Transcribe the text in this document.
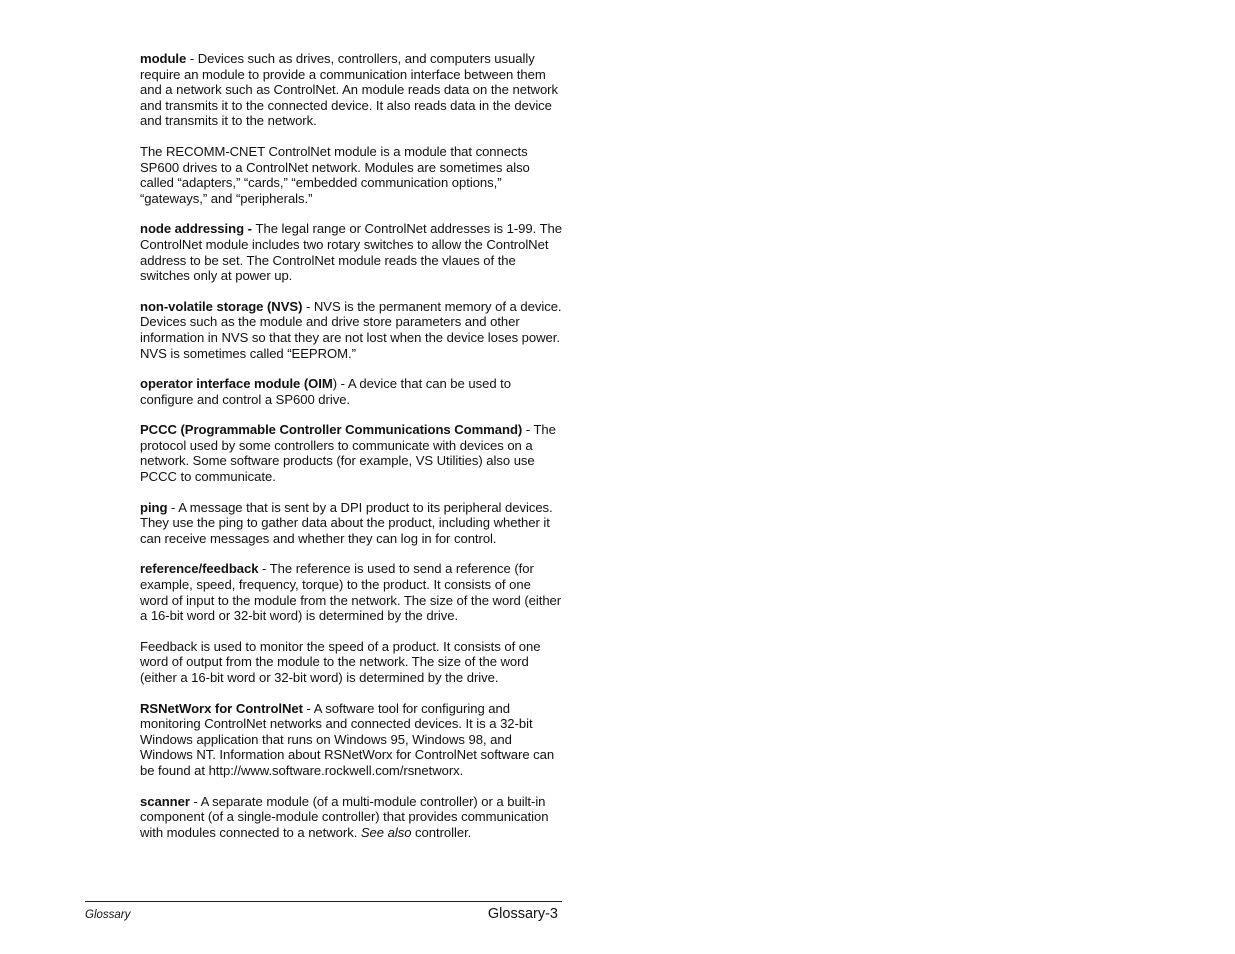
module - Devices such as drives, controllers, and computers usually require an module to provide a communication interface between them and a network such as ControlNet. An module reads data on the network and transmits it to the connected device. It also reads data in the device and transmits it to the network.

The RECOMM-CNET ControlNet module is a module that connects SP600 drives to a ControlNet network. Modules are sometimes also called “adapters,” “cards,” “embedded communication options,” “gateways,” and “peripherals.”

node addressing - The legal range or ControlNet addresses is 1-99. The ControlNet module includes two rotary switches to allow the ControlNet address to be set. The ControlNet module reads the vlaues of the switches only at power up.

non-volatile storage (NVS) - NVS is the permanent memory of a device. Devices such as the module and drive store parameters and other information in NVS so that they are not lost when the device loses power. NVS is sometimes called “EEPROM.”

operator interface module (OIM) - A device that can be used to configure and control a SP600 drive.

PCCC (Programmable Controller Communications Command) - The protocol used by some controllers to communicate with devices on a network. Some software products (for example, VS Utilities) also use PCCC to communicate.

ping - A message that is sent by a DPI product to its peripheral devices. They use the ping to gather data about the product, including whether it can receive messages and whether they can log in for control.

reference/feedback - The reference is used to send a reference (for example, speed, frequency, torque) to the product. It consists of one word of input to the module from the network. The size of the word (either a 16-bit word or 32-bit word) is determined by the drive.

Feedback is used to monitor the speed of a product. It consists of one word of output from the module to the network. The size of the word (either a 16-bit word or 32-bit word) is determined by the drive.

RSNetWorx for ControlNet - A software tool for configuring and monitoring ControlNet networks and connected devices. It is a 32-bit Windows application that runs on Windows 95, Windows 98, and Windows NT. Information about RSNetWorx for ControlNet software can be found at http://www.software.rockwell.com/rsnetworx.

scanner - A separate module (of a multi-module controller) or a built-in component (of a single-module controller) that provides communication with modules connected to a network. See also controller.

Glossary	Glossary-3
